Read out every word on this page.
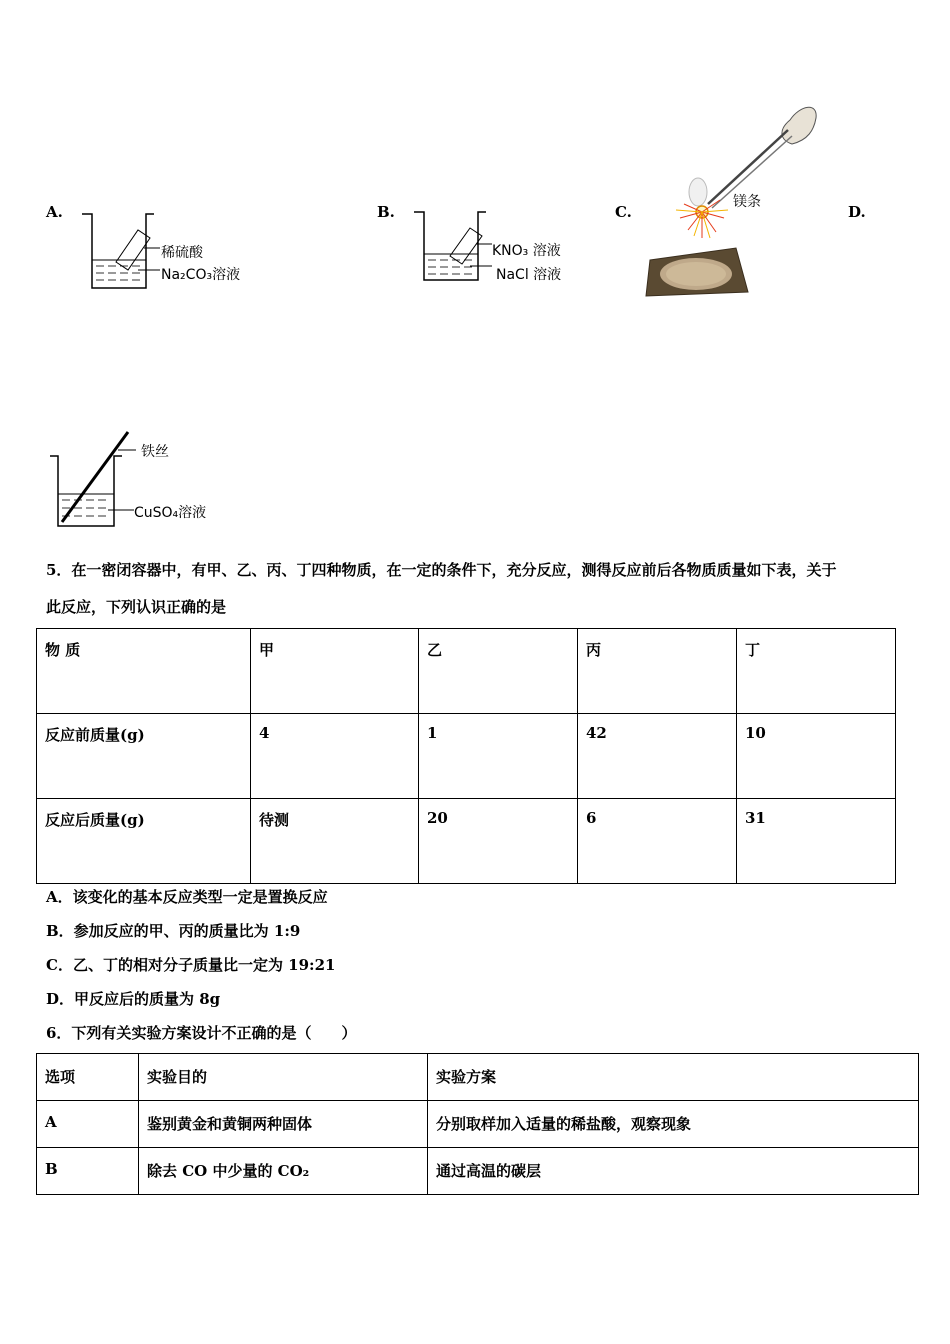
A.	B.	C.	D.
稀硫酸
Na₂CO₃溶液
KNO₃ 溶液
NaCl 溶液
镁条
铁丝
CuSO₄溶液
5．在一密闭容器中，有甲、乙、丙、丁四种物质，在一定的条件下，充分反应，测得反应前后各物质质量如下表，关于
此反应，下列认识正确的是
物 质	甲	乙	丙	丁
反应前质量(g)	4	1	42	10
反应后质量(g)	待测	20	6	31
A．该变化的基本反应类型一定是置换反应
B．参加反应的甲、丙的质量比为 1:9
C．乙、丁的相对分子质量比一定为 19:21
D．甲反应后的质量为 8g
6．下列有关实验方案设计不正确的是（　　）
选项	实验目的	实验方案
A	鉴别黄金和黄铜两种固体	分别取样加入适量的稀盐酸，观察现象
B	除去 CO 中少量的 CO₂	通过高温的碳层
